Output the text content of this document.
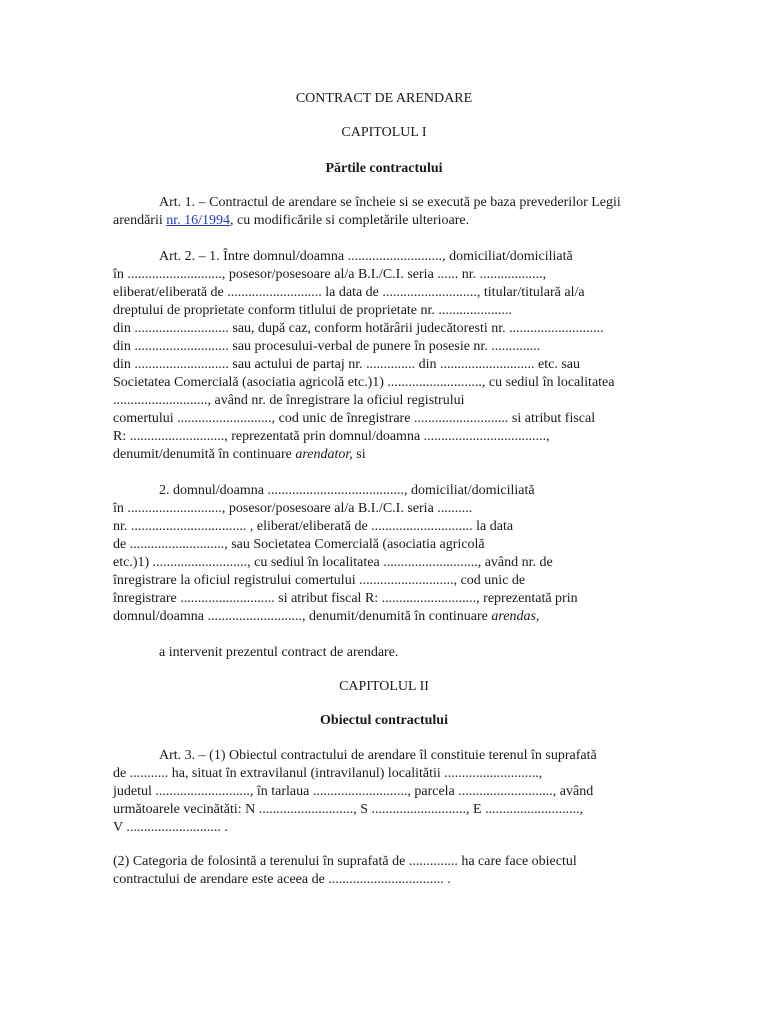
CONTRACT DE ARENDARE
CAPITOLUL I
Părtile contractului
Art. 1. – Contractul de arendare se încheie si se execută pe baza prevederilor Legii
arendării nr. 16/1994, cu modificările si completările ulterioare.
Art. 2. – 1. Între domnul/doamna ..........................., domiciliat/domiciliată
în ..........................., posesor/posesoare al/a B.I./C.I. seria ...... nr. ..................,
eliberat/eliberată de ........................... la data de ..........................., titular/titulară al/a
dreptului de proprietate conform titlului de proprietate nr. .....................
din ........................... sau, după caz, conform hotărârii judecătoresti nr. ...........................
din ........................... sau procesului-verbal de punere în posesie nr. ..............
din ........................... sau actului de partaj nr. .............. din ........................... etc. sau
Societatea Comercială (asociatia agricolă etc.)1) ..........................., cu sediul în localitatea
..........................., având nr. de înregistrare la oficiul registrului
comertului ..........................., cod unic de înregistrare ........................... si atribut fiscal
R: ..........................., reprezentată prin domnul/doamna ...................................,
denumit/denumită în continuare arendator, si
2. domnul/doamna ......................................., domiciliat/domiciliată
în ..........................., posesor/posesoare al/a B.I./C.I. seria ..........
nr. ................................. , eliberat/eliberată de ............................. la data
de ..........................., sau Societatea Comercială (asociatia agricolă
etc.)1) ..........................., cu sediul în localitatea ..........................., având nr. de
înregistrare la oficiul registrului comertului ..........................., cod unic de
înregistrare ........................... si atribut fiscal R: ..........................., reprezentată prin
domnul/doamna ..........................., denumit/denumită în continuare arendas,
a intervenit prezentul contract de arendare.
CAPITOLUL II
Obiectul contractului
Art. 3. – (1) Obiectul contractului de arendare îl constituie terenul în suprafată
de ........... ha, situat în extravilanul (intravilanul) localitătii ...........................,
judetul ..........................., în tarlaua ..........................., parcela ..........................., având
următoarele vecinătăti: N ..........................., S ..........................., E ...........................,
V ........................... .
(2) Categoria de folosintă a terenului în suprafată de .............. ha care face obiectul
contractului de arendare este aceea de ................................. .
